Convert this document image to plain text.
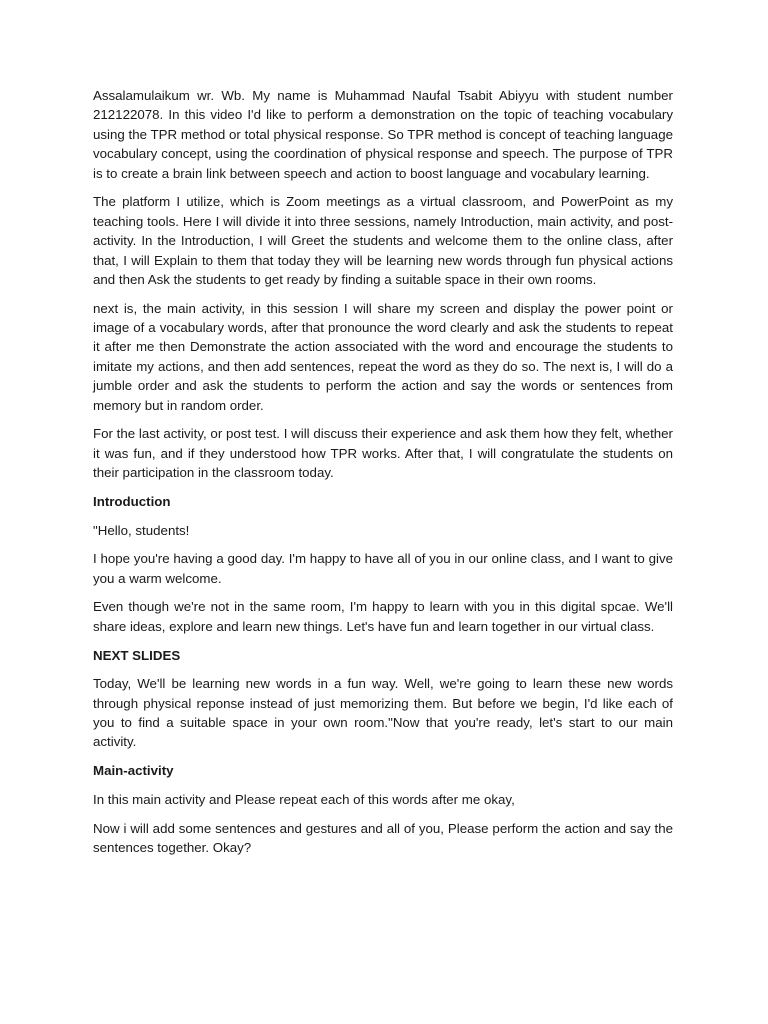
Assalamulaikum wr. Wb. My name is Muhammad Naufal Tsabit Abiyyu with student number 212122078. In this video I'd like to perform a demonstration on the topic of teaching vocabulary using the TPR method or total physical response. So TPR method is concept of teaching language vocabulary concept, using the coordination of physical response and speech. The purpose of TPR is to create a brain link between speech and action to boost language and vocabulary learning.

The platform I utilize, which is Zoom meetings as a virtual classroom, and PowerPoint as my teaching tools. Here I will divide it into three sessions, namely Introduction, main activity, and post-activity. In the Introduction, I will Greet the students and welcome them to the online class, after that, I will Explain to them that today they will be learning new words through fun physical actions and then Ask the students to get ready by finding a suitable space in their own rooms.

next is, the main activity, in this session I will share my screen and display the power point or image of a vocabulary words, after that pronounce the word clearly and ask the students to repeat it after me then Demonstrate the action associated with the word and encourage the students to imitate my actions, and then add sentences, repeat the word as they do so. The next is, I will do a jumble order and ask the students to perform the action and say the words or sentences from memory but in random order.

For the last activity, or post test. I will discuss their experience and ask them how they felt, whether it was fun, and if they understood how TPR works. After that, I will congratulate the students on their participation in the classroom today.

Introduction

"Hello, students!

I hope you're having a good day. I'm happy to have all of you in our online class, and I want to give you a warm welcome.

Even though we're not in the same room, I'm happy to learn with you in this digital spcae. We'll share ideas, explore and learn new things. Let's have fun and learn together in our virtual class.

NEXT SLIDES

Today, We'll be learning new words in a fun way. Well, we're going to learn these new words through physical reponse instead of just memorizing them. But before we begin, I'd like each of you to find a suitable space in your own room."Now that you're ready, let's start to our main activity.

Main-activity

In this main activity and Please repeat each of this words after me okay,

Now i will add some sentences and gestures and all of you, Please perform the action and say the sentences together. Okay?
